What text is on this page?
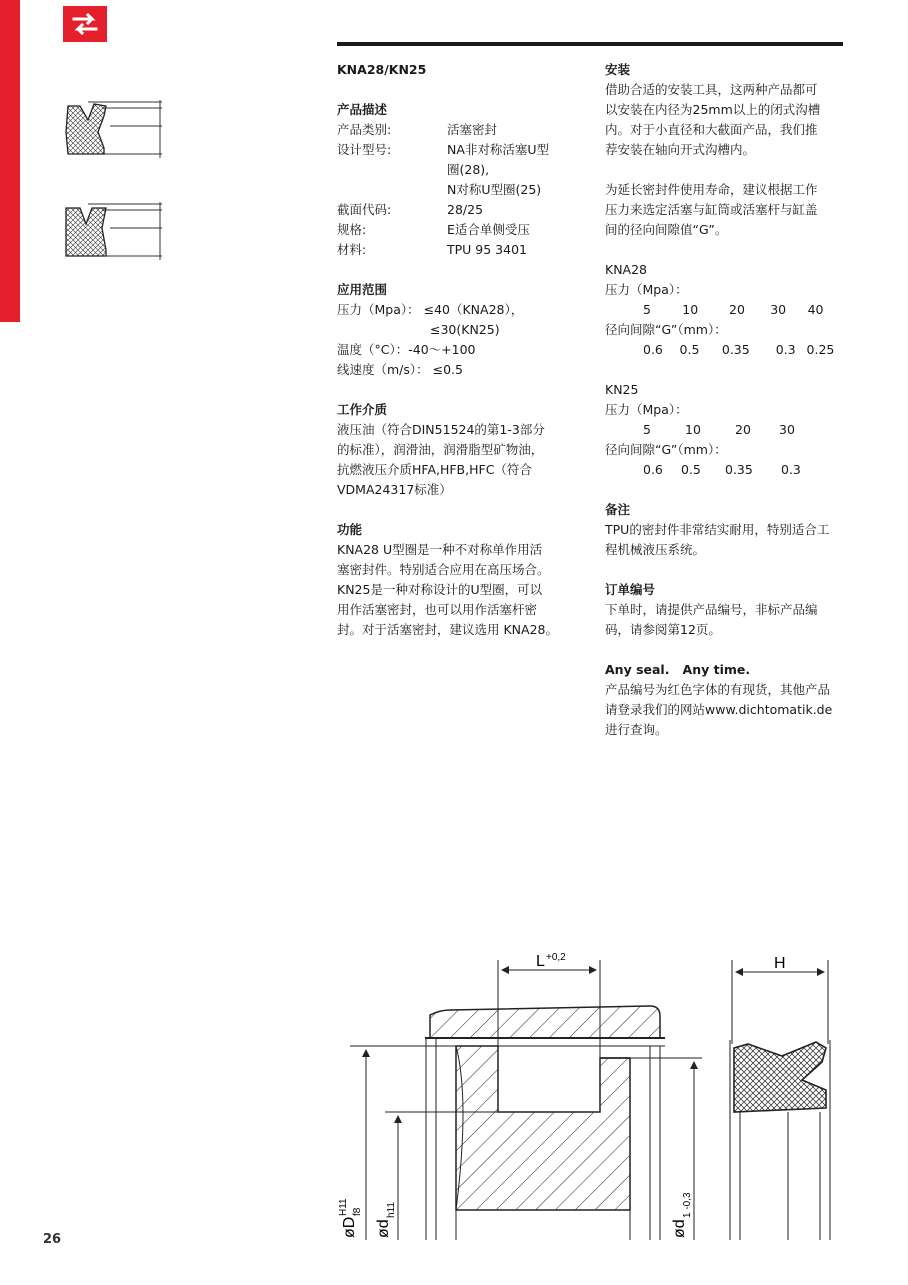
KNA28/KN25

产品描述

产品类别:	活塞密封
设计型号:	NA非对称活塞U型
圈(28),
N对称U型圈(25)
截面代码:	28/25
规格:	E适合单侧受压
材料:	TPU 95 3401

应用范围

压力（Mpa）： ≤40（KNA28），

≤30(KN25)

温度（°C）：-40～+100

线速度（m/s）： ≤0.5

工作介质

液压油（符合DIN51524的第1-3部分

的标准），润滑油，润滑脂型矿物油，

抗燃液压介质HFA,HFB,HFC（符合

VDMA24317标准）

功能

KNA28 U型圈是一种不对称单作用活

塞密封件。特别适合应用在高压场合。

KN25是一种对称设计的U型圈，可以

用作活塞密封，也可以用作活塞杆密

封。对于活塞密封，建议选用 KNA28。

安装

借助合适的安装工具，这两种产品都可

以安装在内径为25mm以上的闭式沟槽

内。对于小直径和大截面产品，我们推

荐安装在轴向开式沟槽内。

为延长密封件使用寿命，建议根据工作

压力来选定活塞与缸筒或活塞杆与缸盖

间的径向间隙值“G”。

KNA28

压力（Mpa）：

5	10	20	30	40

径向间隙“G”（mm）：

0.6	0.5	0.35	0.3 0.25

KN25

压力（Mpa）：

5	10	20	30

径向间隙“G”（mm）：

0.6	0.5	0.35	0.3

备注

TPU的密封件非常结实耐用，特别适合工

程机械液压系统。

订单编号

下单时，请提供产品编号，非标产品编

码，请参阅第12页。

Any seal.   Any time.

产品编号为红色字体的有现货，其他产品

请登录我们的网站www.dichtomatik.de

进行查询。

L +0,2	H
øD
H11 f8
ød
h11
ød
1 -0,3
26
